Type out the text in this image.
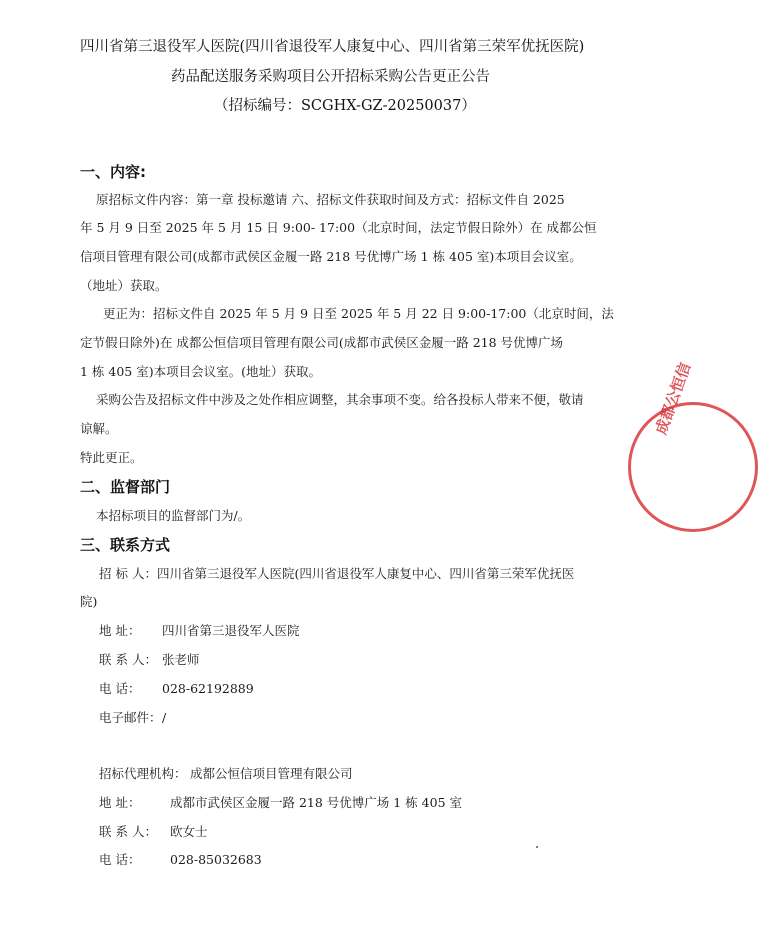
四川省第三退役军人医院(四川省退役军人康复中心、四川省第三荣军优抚医院)
药品配送服务采购项目公开招标采购公告更正公告
（招标编号：SCGHX-GZ-20250037）
一、内容:
原招标文件内容：第一章 投标邀请 六、招标文件获取时间及方式：招标文件自 2025
年 5 月 9 日至 2025 年 5 月 15 日 9:00- 17:00（北京时间，法定节假日除外）在 成都公恒
信项目管理有限公司(成都市武侯区金履一路 218 号优博广场 1 栋 405 室)本项目会议室。
（地址）获取。
更正为：招标文件自 2025 年 5 月 9 日至 2025 年 5 月 22 日 9:00-17:00（北京时间，法
定节假日除外)在 成都公恒信项目管理有限公司(成都市武侯区金履一路 218 号优博广场
1 栋 405 室)本项目会议室。(地址）获取。
采购公告及招标文件中涉及之处作相应调整，其余事项不变。给各投标人带来不便，敬请
谅解。
特此更正。
二、监督部门
本招标项目的监督部门为/。
三、联系方式
招 标 人：四川省第三退役军人医院(四川省退役军人康复中心、四川省第三荣军优抚医
院)
地 址： 四川省第三退役军人医院
联 系 人： 张老师
电 话： 028-62192889
电子邮件： /
招标代理机构： 成都公恒信项目管理有限公司
地 址： 成都市武侯区金履一路 218 号优博广场 1 栋 405 室
联 系 人： 欧女士
电 话： 028-85032683
成都公恒信
